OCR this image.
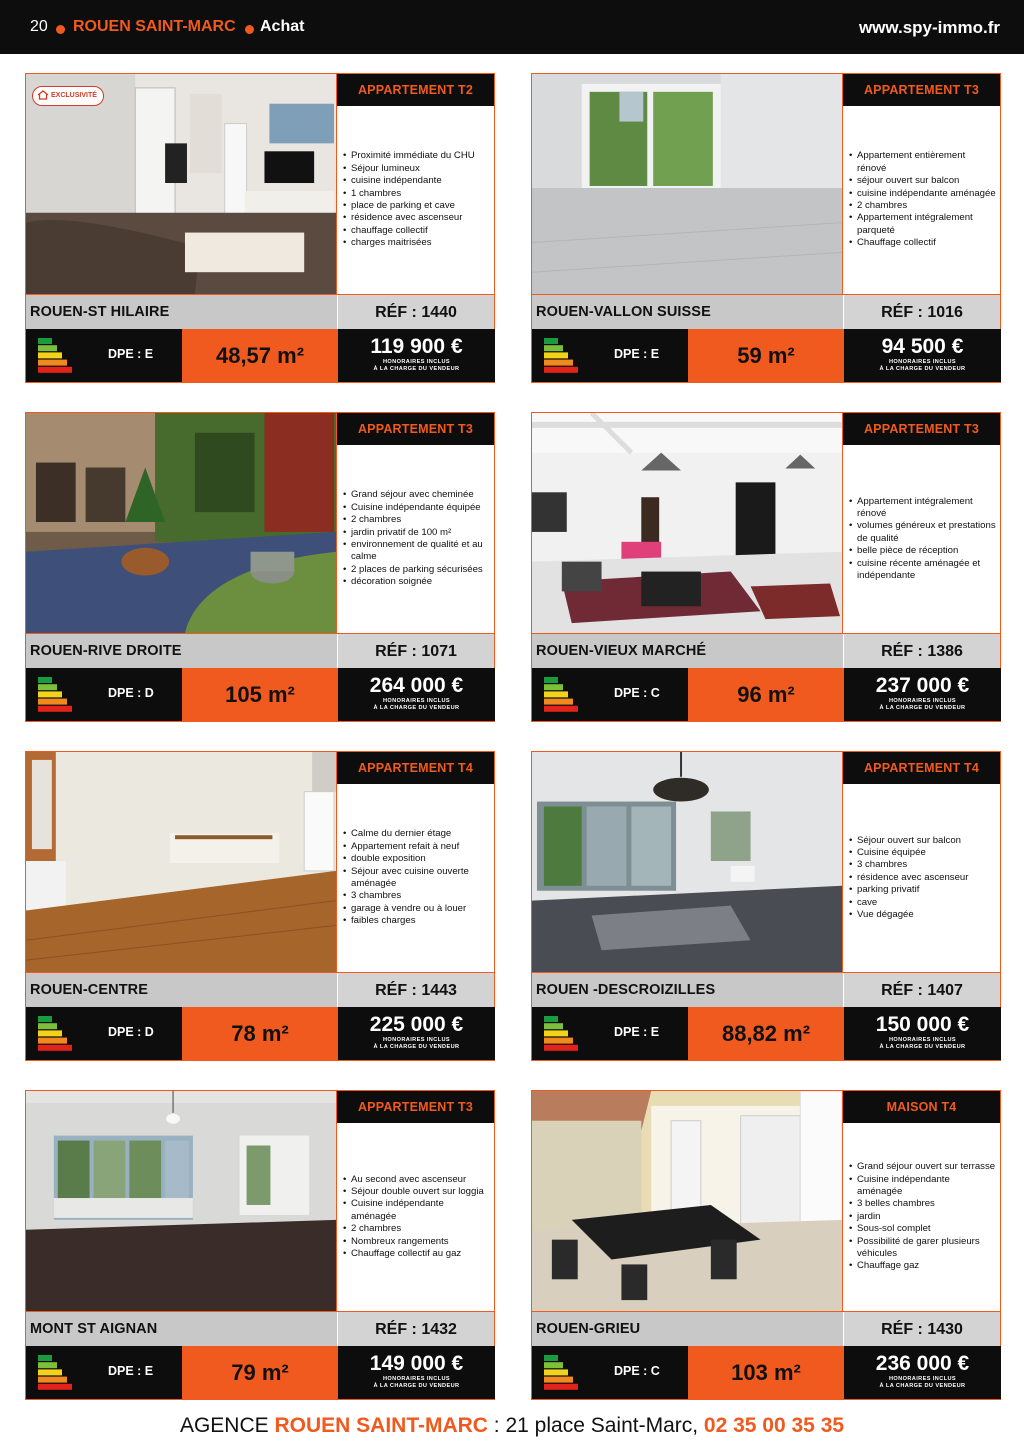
20 ROUEN SAINT-MARC Achat	www.spy-immo.fr
EXCLUSIVITÉ	APPARTEMENT T2
• Proximité immédiate du CHU
• Séjour lumineux
• cuisine indépendante
• 1 chambres
• place de parking et cave
• résidence avec ascenseur
• chauffage collectif
• charges maitrisées
ROUEN-ST HILAIRE	RÉF : 1440
DPE : E	48,57 m²	119 900 €
HONORAIRES INCLUS
À LA CHARGE DU VENDEUR
APPARTEMENT T3
• Appartement entièrement rénové
• séjour ouvert sur balcon
• cuisine indépendante aménagée
• 2 chambres
• Appartement intégralement parqueté
• Chauffage collectif
ROUEN-VALLON SUISSE	RÉF : 1016
DPE : E	59 m²	94 500 €
HONORAIRES INCLUS
À LA CHARGE DU VENDEUR
APPARTEMENT T3
• Grand séjour avec cheminée
• Cuisine indépendante équipée
• 2 chambres
• jardin privatif de 100 m²
• environnement de qualité et au calme
• 2 places de parking sécurisées
• décoration soignée
ROUEN-RIVE DROITE	RÉF : 1071
DPE : D	105 m²	264 000 €
HONORAIRES INCLUS
À LA CHARGE DU VENDEUR
APPARTEMENT T3
• Appartement intégralement rénové
• volumes généreux et prestations de qualité
• belle pièce de réception
• cuisine récente aménagée et indépendante
ROUEN-VIEUX MARCHÉ	RÉF : 1386
DPE : C	96 m²	237 000 €
HONORAIRES INCLUS
À LA CHARGE DU VENDEUR
APPARTEMENT T4
• Calme du dernier étage
• Appartement refait à neuf
• double exposition
• Séjour avec cuisine ouverte aménagée
• 3 chambres
• garage à vendre ou à louer
• faibles charges
ROUEN-CENTRE	RÉF : 1443
DPE : D	78 m²	225 000 €
HONORAIRES INCLUS
À LA CHARGE DU VENDEUR
APPARTEMENT T4
• Séjour ouvert sur balcon
• Cuisine équipée
• 3 chambres
• résidence avec ascenseur
• parking privatif
• cave
• Vue dégagée
ROUEN -DESCROIZILLES	RÉF : 1407
DPE : E	88,82 m²	150 000 €
HONORAIRES INCLUS
À LA CHARGE DU VENDEUR
APPARTEMENT T3
• Au second avec ascenseur
• Séjour double ouvert sur loggia
• Cuisine indépendante aménagée
• 2 chambres
• Nombreux rangements
• Chauffage collectif au gaz
MONT ST AIGNAN	RÉF : 1432
DPE : E	79 m²	149 000 €
HONORAIRES INCLUS
À LA CHARGE DU VENDEUR
MAISON T4
• Grand séjour ouvert sur terrasse
• Cuisine indépendante aménagée
• 3 belles chambres
• jardin
• Sous-sol complet
• Possibilité de garer plusieurs véhicules
• Chauffage gaz
ROUEN-GRIEU	RÉF : 1430
DPE : C	103 m²	236 000 €
HONORAIRES INCLUS
À LA CHARGE DU VENDEUR
AGENCE ROUEN SAINT-MARC : 21 place Saint-Marc, 02 35 00 35 35
